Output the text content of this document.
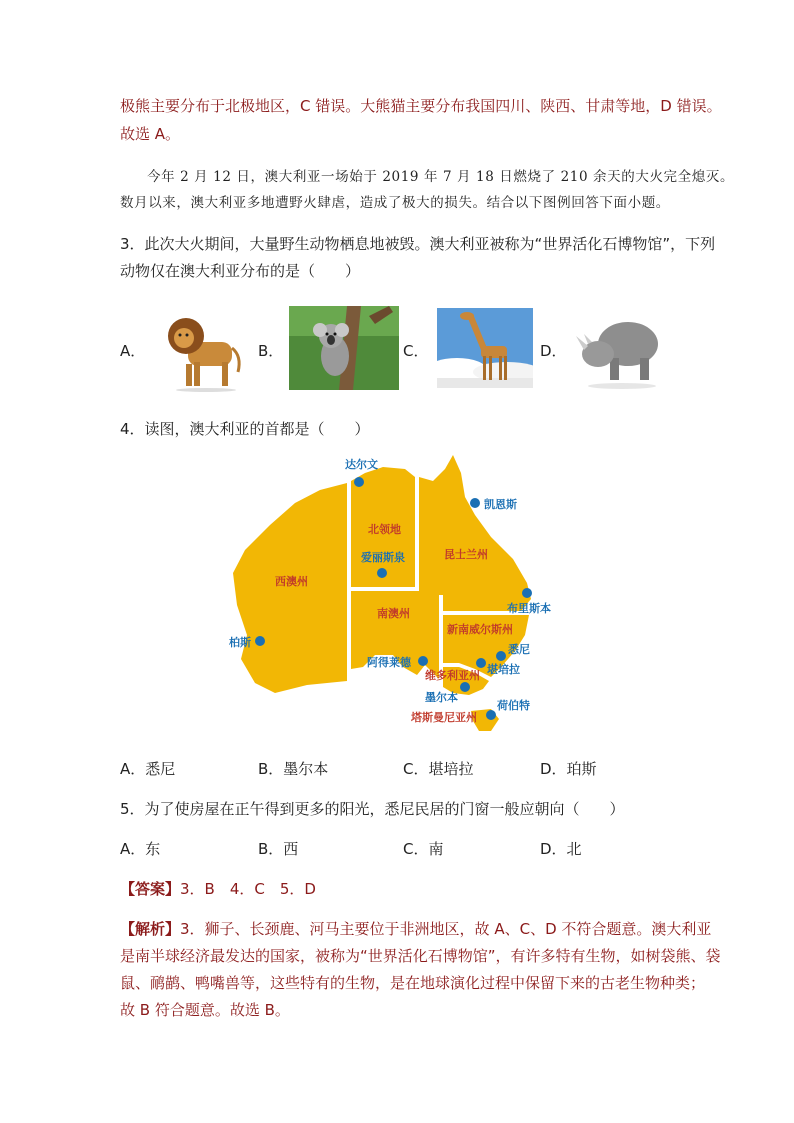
极熊主要分布于北极地区，C 错误。大熊猫主要分布我国四川、陕西、甘肃等地，D 错误。
故选 A。
今年 2 月 12 日，澳大利亚一场始于 2019 年 7 月 18 日燃烧了 210 余天的大火完全熄灭。
数月以来，澳大利亚多地遭野火肆虐，造成了极大的损失。结合以下图例回答下面小题。
3．此次大火期间，大量野生动物栖息地被毁。澳大利亚被称为“世界活化石博物馆”，下列
动物仅在澳大利亚分布的是（　　）
A．	B．	C．	D．
4．读图，澳大利亚的首都是（　　）
西澳州
北领地
昆士兰州
南澳州
新南威尔斯州
维多利亚州
塔斯曼尼亚州
达尔文
凯恩斯
爱丽斯泉
布里斯本
柏斯
阿得莱德
悉尼
堪培拉
墨尔本
荷伯特
A．悉尼	B．墨尔本	C．堪培拉	D．珀斯
5．为了使房屋在正午得到更多的阳光，悉尼民居的门窗一般应朝向（　　）
A．东	B．西	C．南	D．北
【答案】3．B　4．C　5．D
【解析】3．狮子、长颈鹿、河马主要位于非洲地区，故 A、C、D 不符合题意。澳大利亚
是南半球经济最发达的国家，被称为“世界活化石博物馆”，有许多特有生物，如树袋熊、袋
鼠、鸸鹋、鸭嘴兽等，这些特有的生物，是在地球演化过程中保留下来的古老生物种类；
故 B 符合题意。故选 B。
